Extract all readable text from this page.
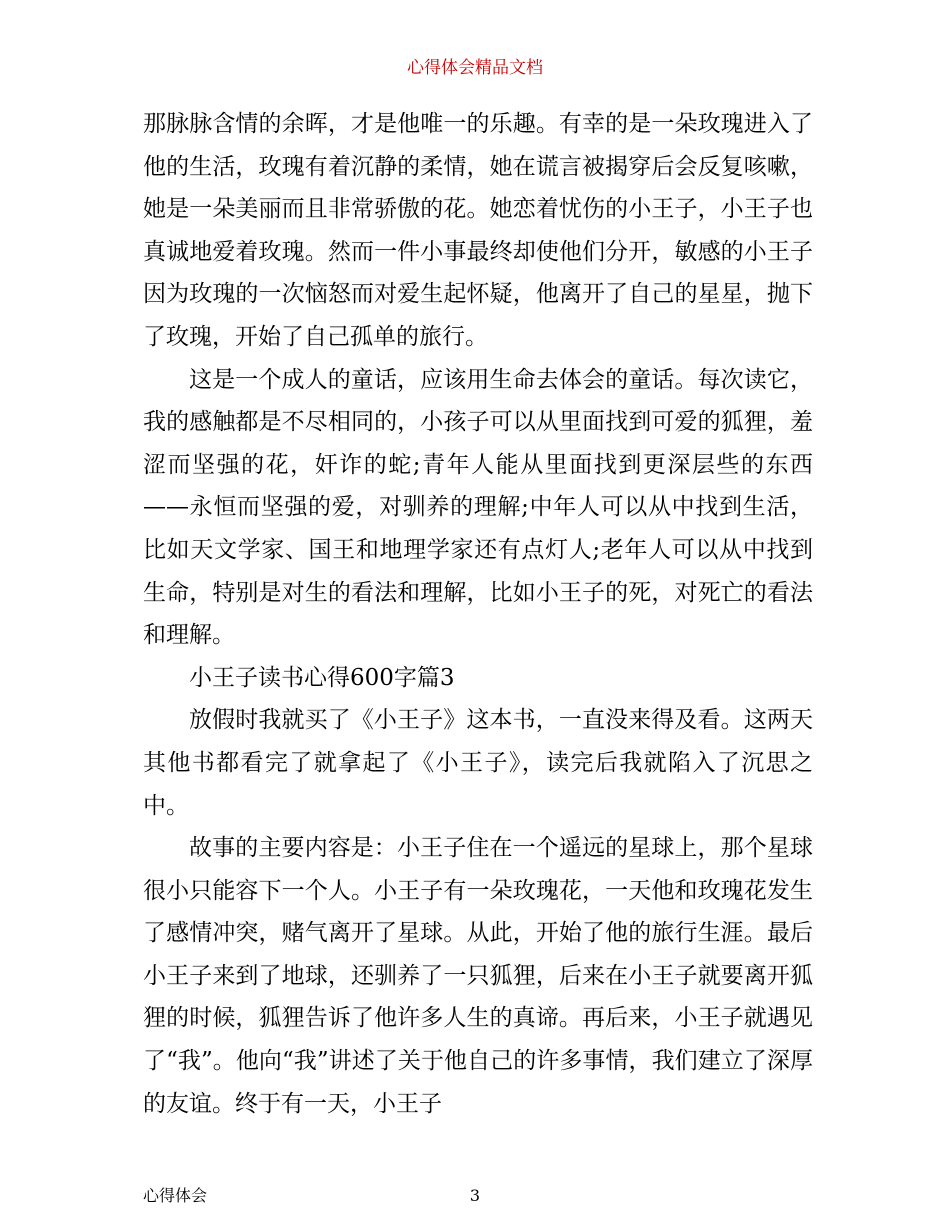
心得体会精品文档

那脉脉含情的余晖，才是他唯一的乐趣。有幸的是一朵玫瑰进入了他的生活，玫瑰有着沉静的柔情，她在谎言被揭穿后会反复咳嗽，她是一朵美丽而且非常骄傲的花。她恋着忧伤的小王子，小王子也真诚地爱着玫瑰。然而一件小事最终却使他们分开，敏感的小王子因为玫瑰的一次恼怒而对爱生起怀疑，他离开了自己的星星，抛下了玫瑰，开始了自己孤单的旅行。

这是一个成人的童话，应该用生命去体会的童话。每次读它，我的感触都是不尽相同的，小孩子可以从里面找到可爱的狐狸，羞涩而坚强的花，奸诈的蛇;青年人能从里面找到更深层些的东西——永恒而坚强的爱，对驯养的理解;中年人可以从中找到生活，比如天文学家、国王和地理学家还有点灯人;老年人可以从中找到生命，特别是对生的看法和理解，比如小王子的死，对死亡的看法和理解。

小王子读书心得600字篇3

放假时我就买了《小王子》这本书，一直没来得及看。这两天其他书都看完了就拿起了《小王子》，读完后我就陷入了沉思之中。

故事的主要内容是：小王子住在一个遥远的星球上，那个星球很小只能容下一个人。小王子有一朵玫瑰花，一天他和玫瑰花发生了感情冲突，赌气离开了星球。从此，开始了他的旅行生涯。最后小王子来到了地球，还驯养了一只狐狸，后来在小王子就要离开狐狸的时候，狐狸告诉了他许多人生的真谛。再后来，小王子就遇见了“我”。他向“我”讲述了关于他自己的许多事情，我们建立了深厚的友谊。终于有一天，小王子

心得体会	3
